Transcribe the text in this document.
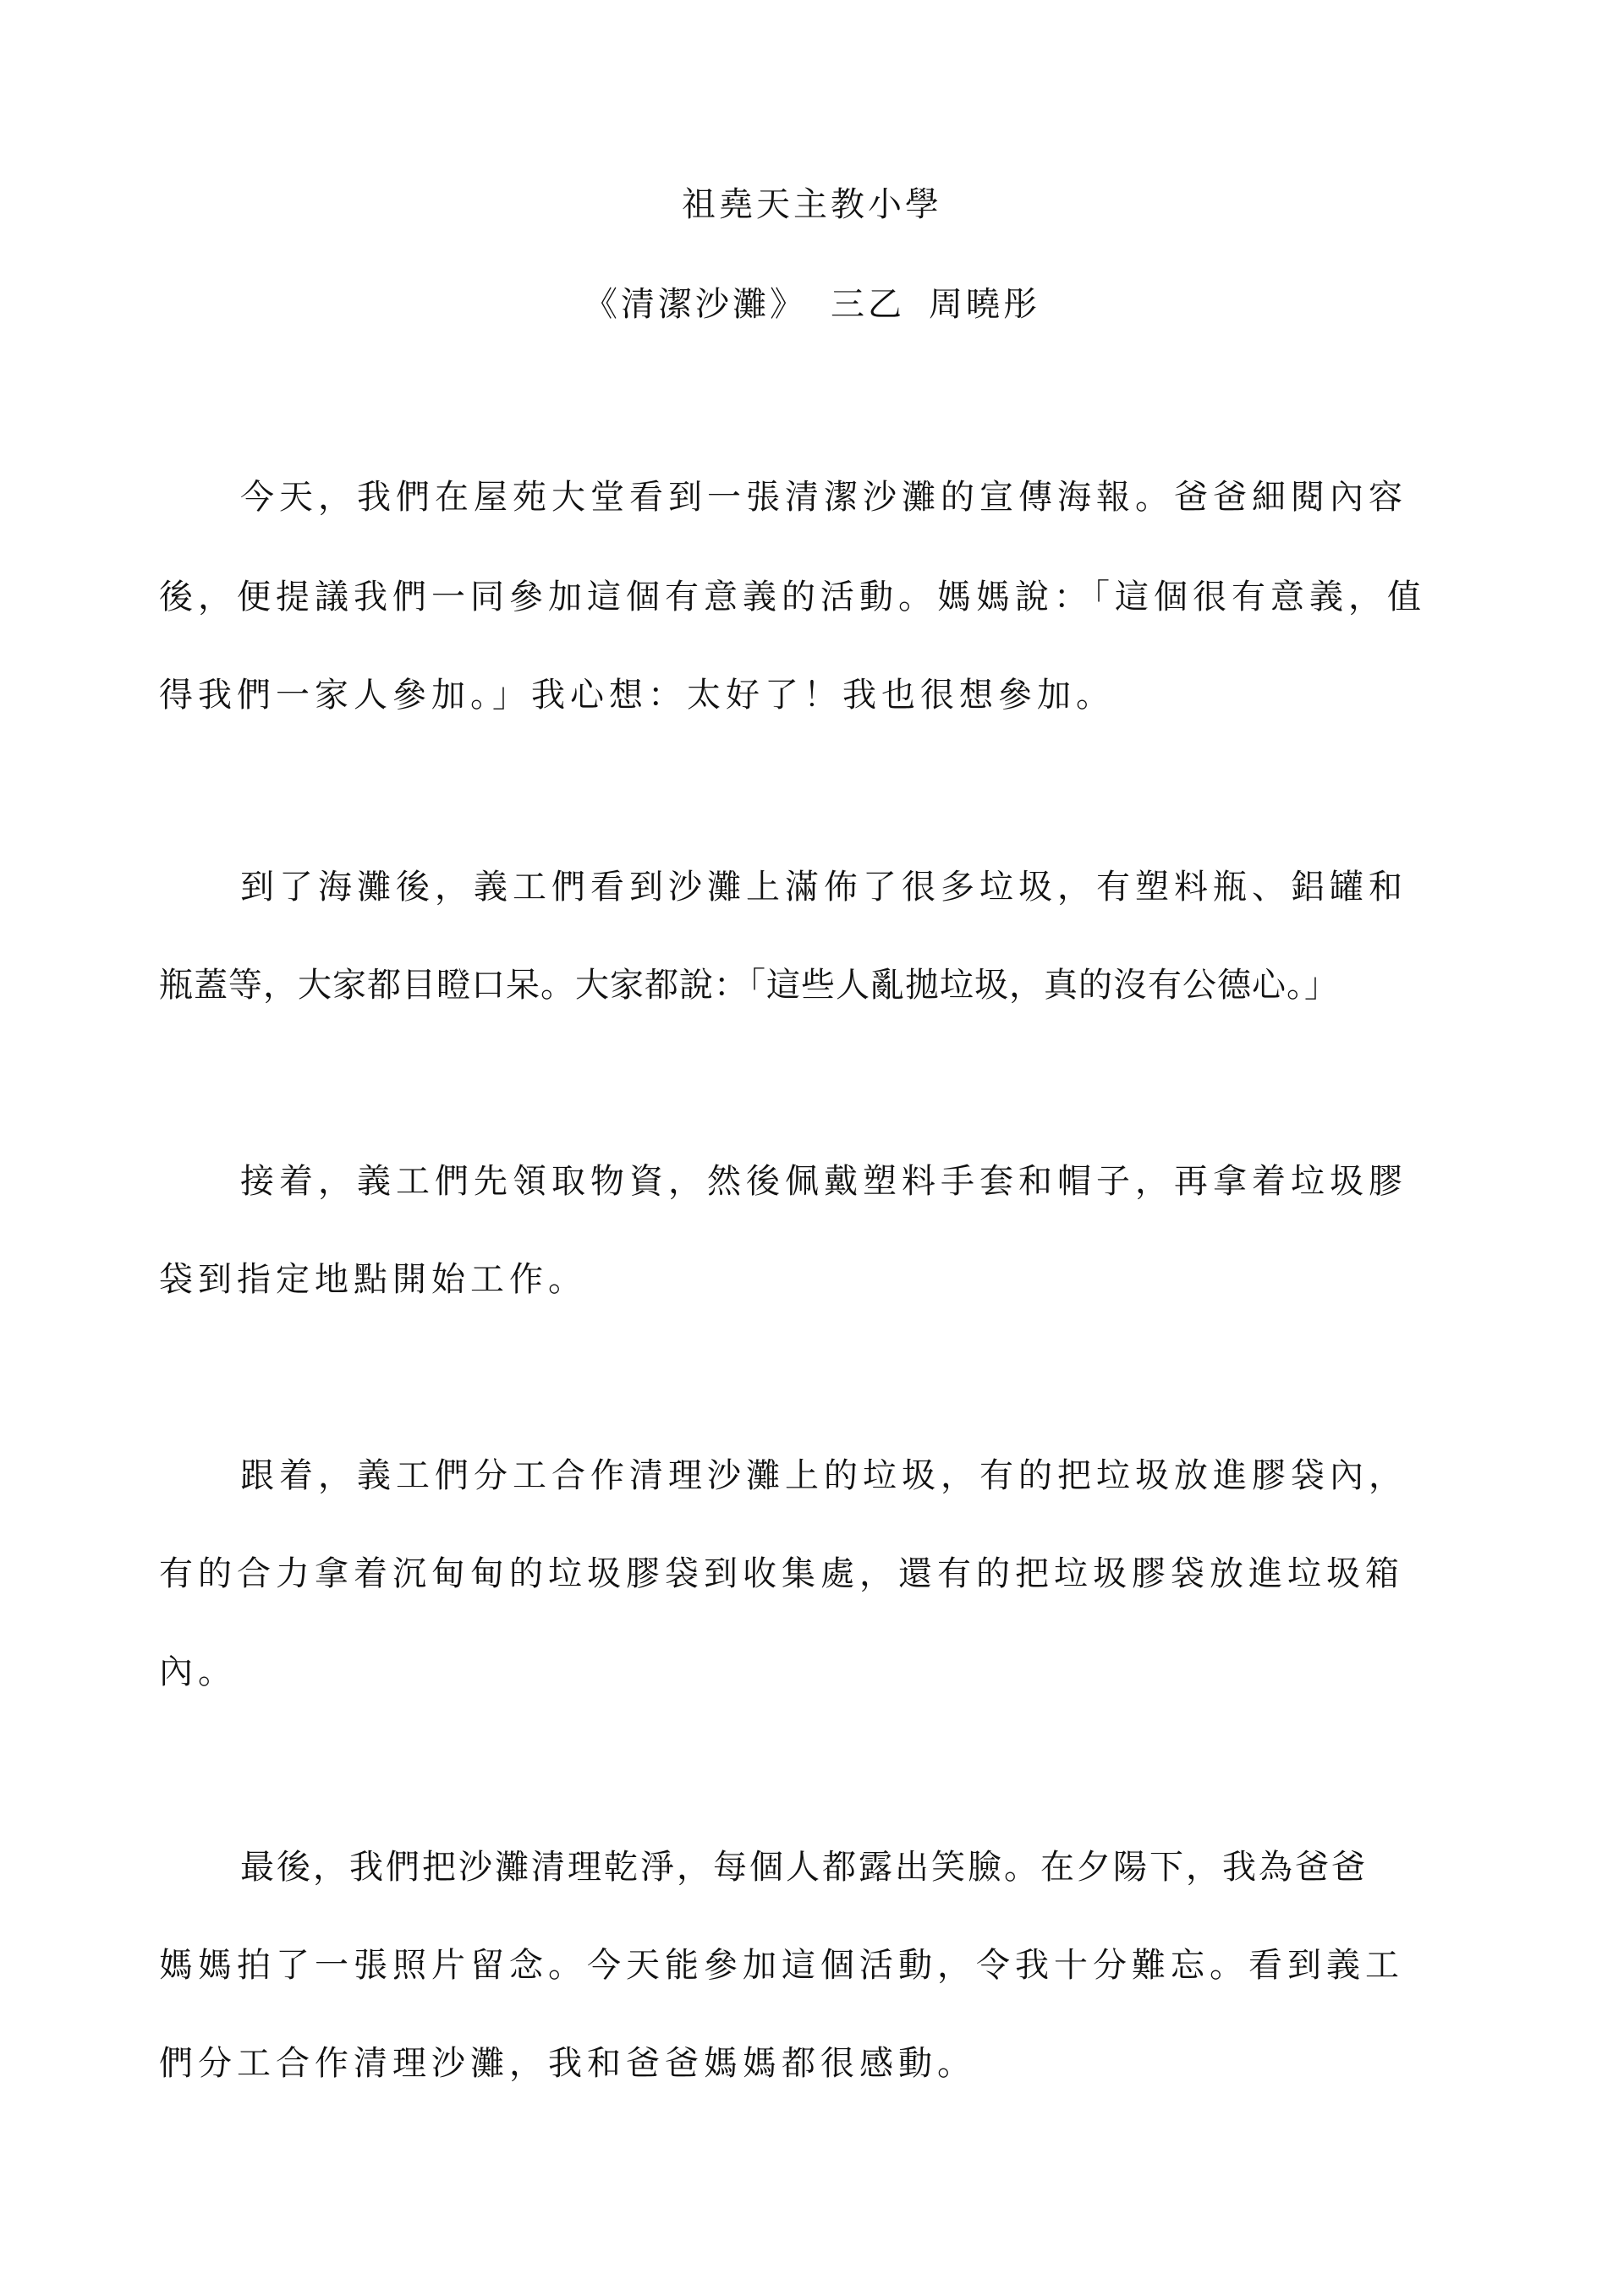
祖堯天主教小學
《清潔沙灘》 三乙 周曉彤
今天，我們在屋苑大堂看到一張清潔沙灘的宣傳海報。爸爸細閱內容
後，便提議我們一同參加這個有意義的活動。媽媽說：「這個很有意義，值
得我們一家人參加。」我心想：太好了！我也很想參加。
到了海灘後，義工們看到沙灘上滿佈了很多垃圾，有塑料瓶、鋁罐和
瓶蓋等，大家都目瞪口呆。大家都說：「這些人亂拋垃圾，真的沒有公德心。」
接着，義工們先領取物資，然後佩戴塑料手套和帽子，再拿着垃圾膠
袋到指定地點開始工作。
跟着，義工們分工合作清理沙灘上的垃圾，有的把垃圾放進膠袋內，
有的合力拿着沉甸甸的垃圾膠袋到收集處，還有的把垃圾膠袋放進垃圾箱
內。
最後，我們把沙灘清理乾淨，每個人都露出笑臉。在夕陽下，我為爸爸
媽媽拍了一張照片留念。今天能參加這個活動，令我十分難忘。看到義工
們分工合作清理沙灘，我和爸爸媽媽都很感動。
